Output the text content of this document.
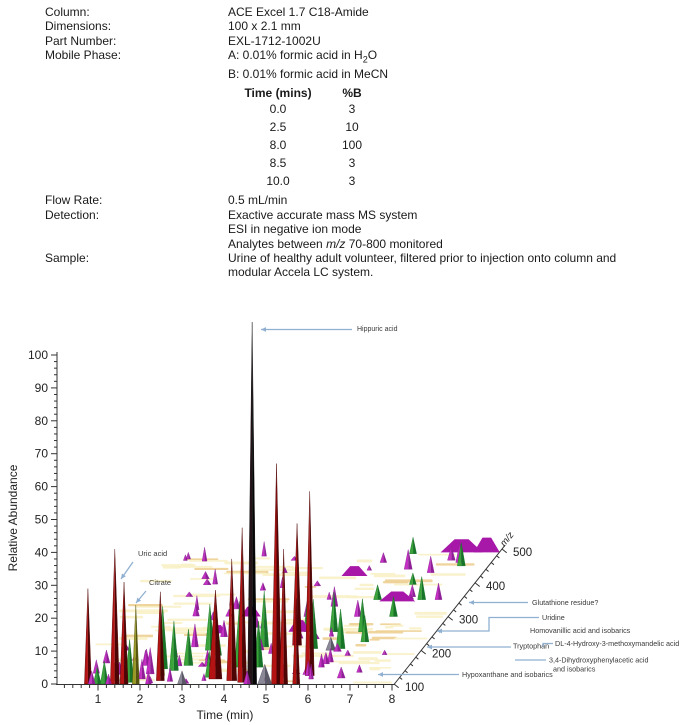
Column:	ACE Excel 1.7 C18-Amide
Dimensions:	100 x 2.1 mm
Part Number:	EXL-1712-1002U
Mobile Phase:	A: 0.01% formic acid in $H_2O$
B: 0.01% formic acid in MeCN
Time (mins)	%B
0.0	3
2.5	10
8.0	100
8.5	3
10.0	3
Flow Rate:	0.5 mL/min
Detection:	Exactive accurate mass MS system
ESI in negative ion mode
Analytes between m/z 70-800 monitored
Sample:	Urine of healthy adult volunteer, filtered prior to injection onto column and
modular Accela LC system.
0
10
20
30
40
50
60
70
80
90
100
Relative Abundance
1	2	3	4	5	6	7	8
Time (min)
100
200
300
400
500
m/z
Hippuric acid
Uric acid
Citrate
Glutathione residue?
Uridine
Homovanillic acid and isobarics
Tryptophan DL-4-Hydroxy-3-methoxymandelic acid
3,4-Dihydroxyphenylacetic acid
and isobarics
Hypoxanthane and isobarics
